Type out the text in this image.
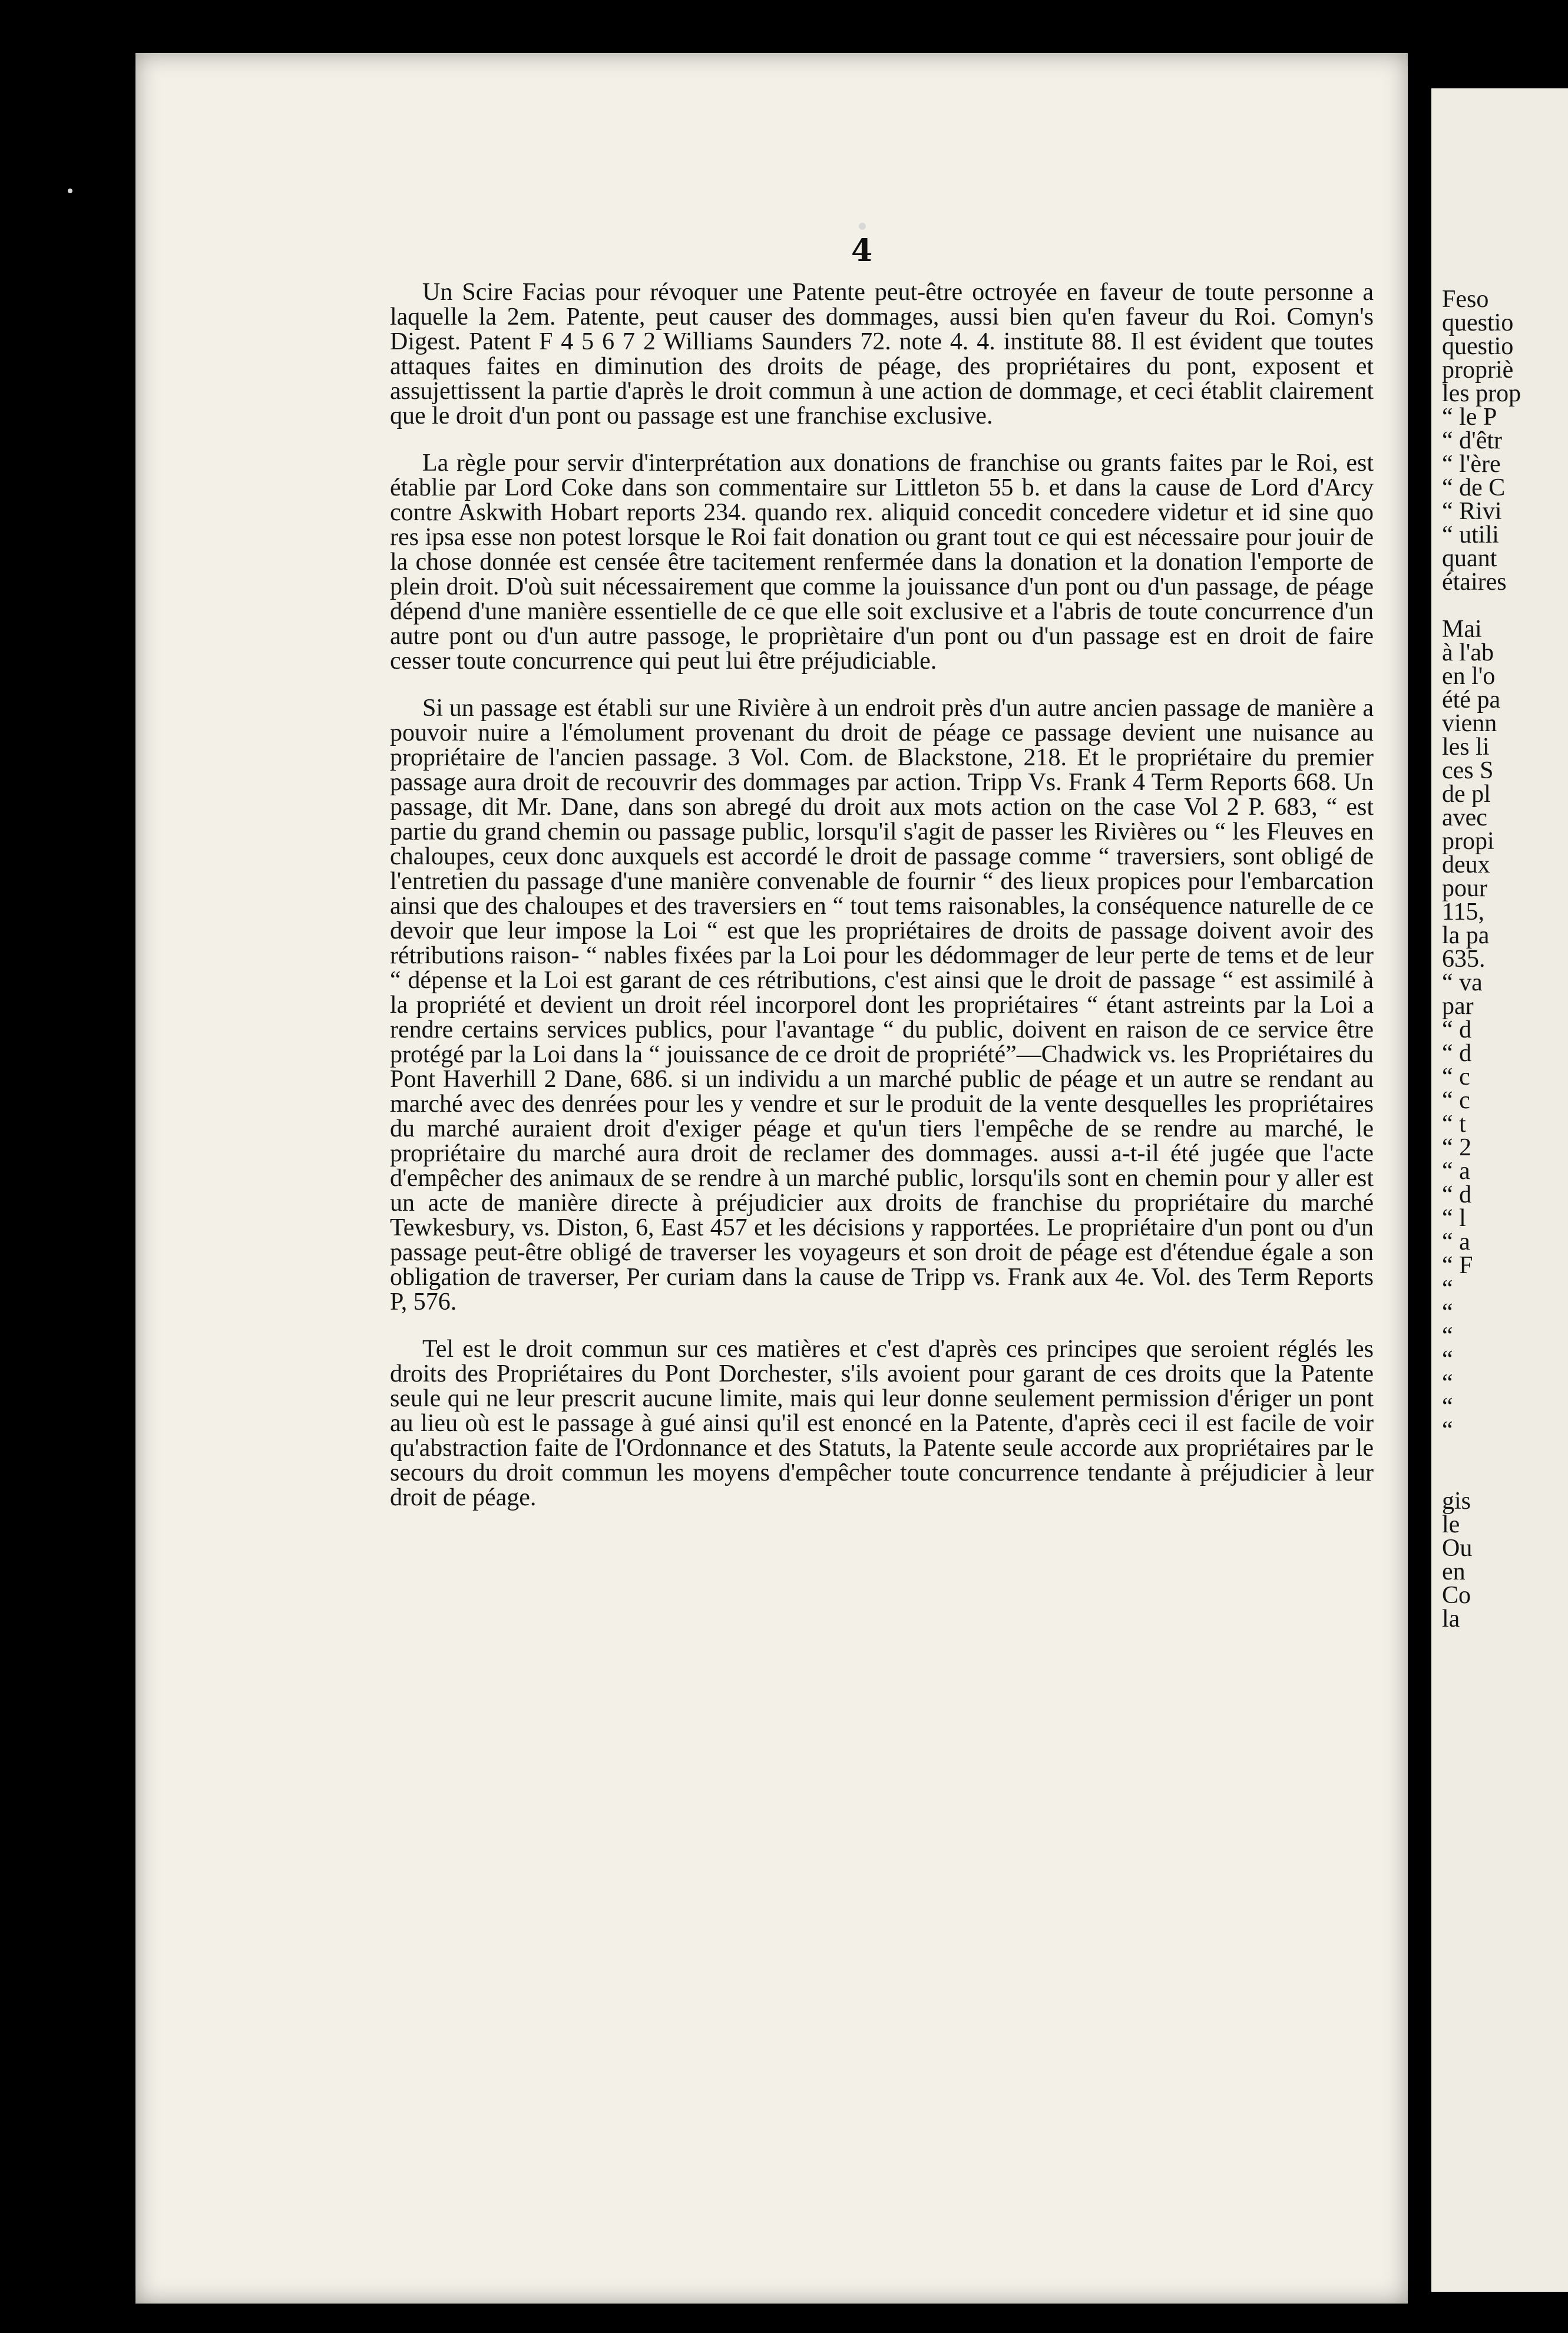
4

Un Scire Facias pour révoquer une Patente peut-être octroyée en faveur de toute personne a laquelle la 2em. Patente, peut causer des dommages, aussi bien qu'en faveur du Roi. Comyn's Digest. Patent F 4 5 6 7 2 Williams Saunders 72. note 4. 4. institute 88. Il est évident que toutes attaques faites en diminution des droits de péage, des propriétaires du pont, exposent et assujettissent la partie d'après le droit commun à une action de dommage, et ceci établit clairement que le droit d'un pont ou passage est une franchise exclusive.

La règle pour servir d'interprétation aux donations de franchise ou grants faites par le Roi, est établie par Lord Coke dans son commentaire sur Littleton 55 b. et dans la cause de Lord d'Arcy contre Askwith Hobart reports 234. quando rex. aliquid concedit concedere videtur et id sine quo res ipsa esse non potest lorsque le Roi fait donation ou grant tout ce qui est nécessaire pour jouir de la chose donnée est censée être tacitement renfermée dans la donation et la donation l'emporte de plein droit. D'où suit nécessairement que comme la jouissance d'un pont ou d'un passage, de péage dépend d'une manière essentielle de ce que elle soit exclusive et a l'abris de toute concurrence d'un autre pont ou d'un autre passoge, le propriètaire d'un pont ou d'un passage est en droit de faire cesser toute concurrence qui peut lui être préjudiciable.

Si un passage est établi sur une Rivière à un endroit près d'un autre ancien passage de manière a pouvoir nuire a l'émolument provenant du droit de péage ce passage devient une nuisance au propriétaire de l'ancien passage. 3 Vol. Com. de Blackstone, 218. Et le propriétaire du premier passage aura droit de recouvrir des dommages par action. Tripp Vs. Frank 4 Term Reports 668. Un passage, dit Mr. Dane, dans son abregé du droit aux mots action on the case Vol 2 P. 683, “ est partie du grand chemin ou passage public, lorsqu'il s'agit de passer les Rivières ou “ les Fleuves en chaloupes, ceux donc auxquels est accordé le droit de passage comme “ traversiers, sont obligé de l'entretien du passage d'une manière convenable de fournir “ des lieux propices pour l'embarcation ainsi que des chaloupes et des traversiers en “ tout tems raisonables, la conséquence naturelle de ce devoir que leur impose la Loi “ est que les propriétaires de droits de passage doivent avoir des rétributions raison- “ nables fixées par la Loi pour les dédommager de leur perte de tems et de leur “ dépense et la Loi est garant de ces rétributions, c'est ainsi que le droit de passage “ est assimilé à la propriété et devient un droit réel incorporel dont les propriétaires “ étant astreints par la Loi a rendre certains services publics, pour l'avantage “ du public, doivent en raison de ce service être protégé par la Loi dans la “ jouissance de ce droit de propriété”—Chadwick vs. les Propriétaires du Pont Haverhill 2 Dane, 686. si un individu a un marché public de péage et un autre se rendant au marché avec des denrées pour les y vendre et sur le produit de la vente desquelles les propriétaires du marché auraient droit d'exiger péage et qu'un tiers l'empêche de se rendre au marché, le propriétaire du marché aura droit de reclamer des dommages. aussi a-t-il été jugée que l'acte d'empêcher des animaux de se rendre à un marché public, lorsqu'ils sont en chemin pour y aller est un acte de manière directe à préjudicier aux droits de franchise du propriétaire du marché Tewkesbury, vs. Diston, 6, East 457 et les décisions y rapportées. Le propriétaire d'un pont ou d'un passage peut-être obligé de traverser les voyageurs et son droit de péage est d'étendue égale a son obligation de traverser, Per curiam dans la cause de Tripp vs. Frank aux 4e. Vol. des Term Reports P, 576.

Tel est le droit commun sur ces matières et c'est d'après ces principes que seroient réglés les droits des Propriétaires du Pont Dorchester, s'ils avoient pour garant de ces droits que la Patente seule qui ne leur prescrit aucune limite, mais qui leur donne seulement permission d'ériger un pont au lieu où est le passage à gué ainsi qu'il est enoncé en la Patente, d'après ceci il est facile de voir qu'abstraction faite de l'Ordonnance et des Statuts, la Patente seule accorde aux propriétaires par le secours du droit commun les moyens d'empêcher toute concurrence tendante à préjudicier à leur droit de péage.

Feso
questio
questio
propriè
les prop
“ le P
“ d'êtr
“ l'ère
“ de C
“ Rivi
“ utili
quant
étaires

Mai
à l'ab
en l'o
été pa
vienn
les li
ces S
de pl
avec
propi
deux
pour
115,
la pa
635.
“ va
par
“ d
“ d
“ c
“ c
“ t
“ 2
“ a
“ d
“ l
“ a
“ F
“
“
“
“
“
“
“

gis
le
Ou
en
Co
la
